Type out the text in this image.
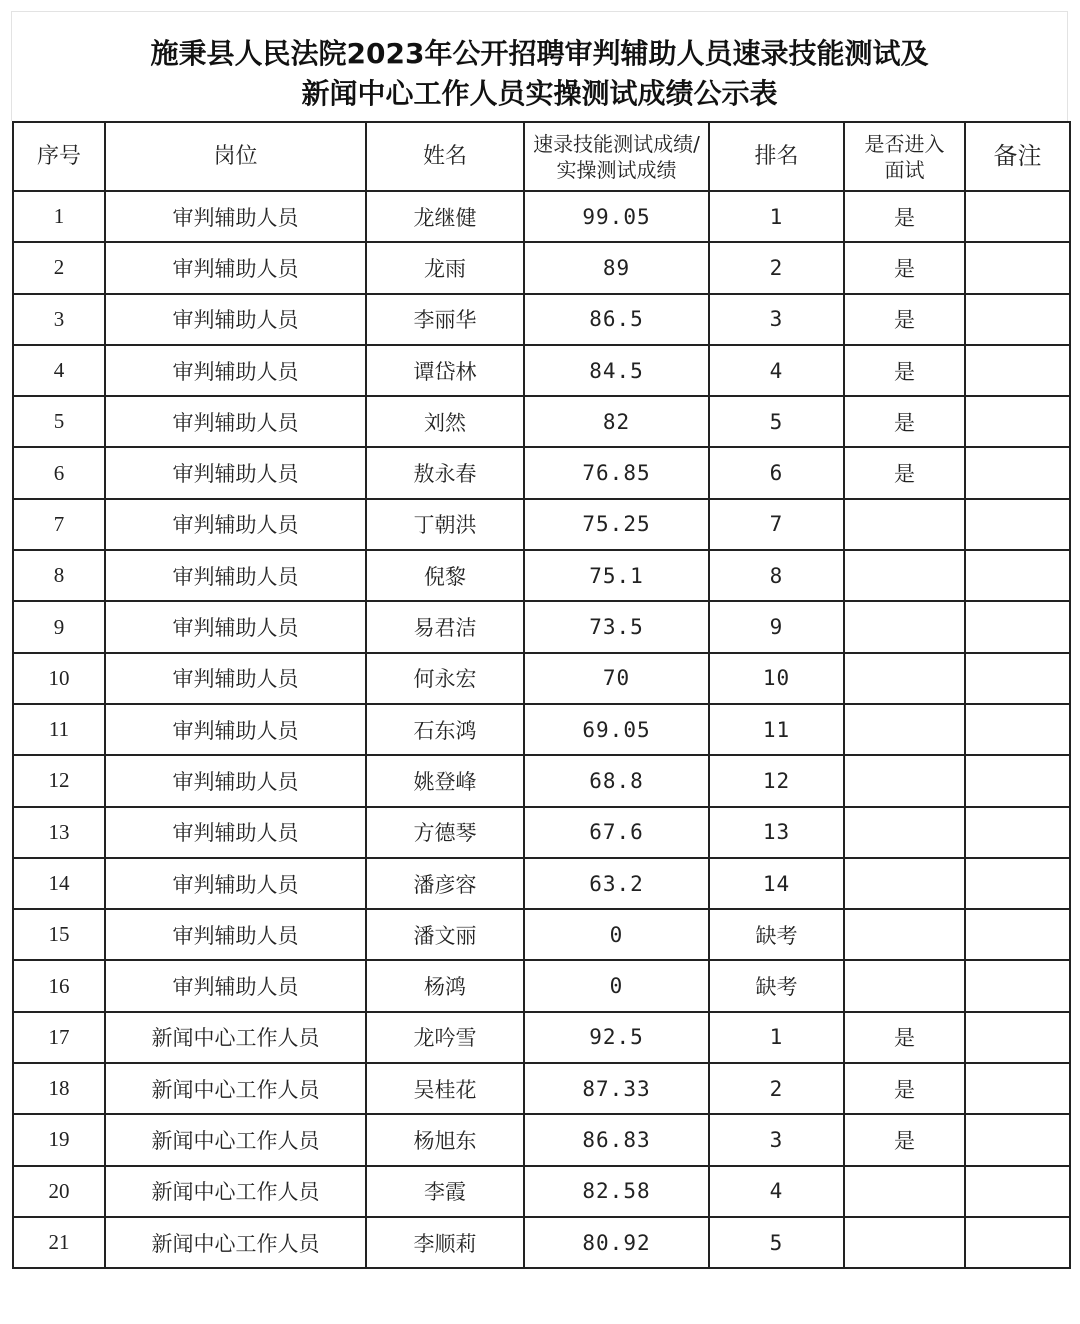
施秉县人民法院2023年公开招聘审判辅助人员速录技能测试及
新闻中心工作人员实操测试成绩公示表
序号	岗位	姓名	速录技能测试成绩/实操测试成绩	排名	是否进入面试	备注
1	审判辅助人员	龙继健	99.05	1	是	
2	审判辅助人员	龙雨	89	2	是	
3	审判辅助人员	李丽华	86.5	3	是	
4	审判辅助人员	谭岱林	84.5	4	是	
5	审判辅助人员	刘然	82	5	是	
6	审判辅助人员	敖永春	76.85	6	是	
7	审判辅助人员	丁朝洪	75.25	7		
8	审判辅助人员	倪黎	75.1	8		
9	审判辅助人员	易君洁	73.5	9		
10	审判辅助人员	何永宏	70	10		
11	审判辅助人员	石东鸿	69.05	11		
12	审判辅助人员	姚登峰	68.8	12		
13	审判辅助人员	方德琴	67.6	13		
14	审判辅助人员	潘彦容	63.2	14		
15	审判辅助人员	潘文丽	0	缺考		
16	审判辅助人员	杨鸿	0	缺考		
17	新闻中心工作人员	龙吟雪	92.5	1	是	
18	新闻中心工作人员	吴桂花	87.33	2	是	
19	新闻中心工作人员	杨旭东	86.83	3	是	
20	新闻中心工作人员	李霞	82.58	4		
21	新闻中心工作人员	李顺莉	80.92	5		
